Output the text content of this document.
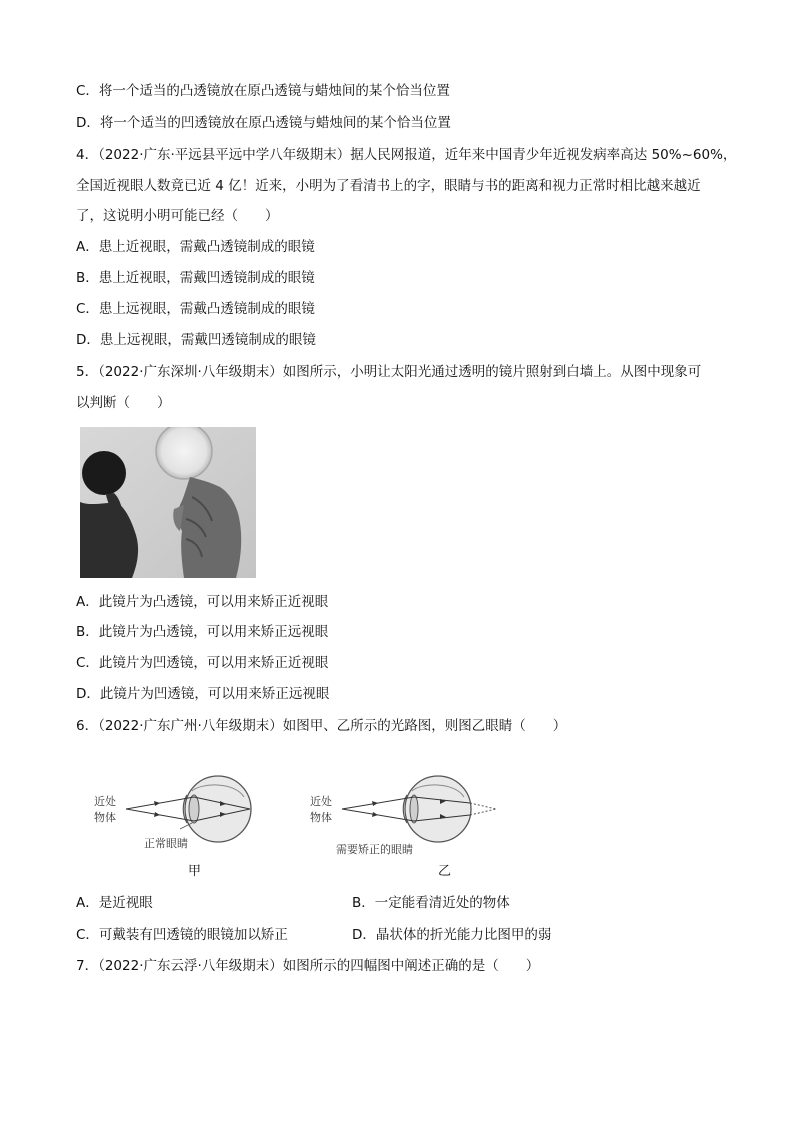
C．将一个适当的凸透镜放在原凸透镜与蜡烛间的某个恰当位置
D．将一个适当的凹透镜放在原凸透镜与蜡烛间的某个恰当位置
4．（2022·广东·平远县平远中学八年级期末）据人民网报道，近年来中国青少年近视发病率高达 50%~60%，
全国近视眼人数竟已近 4 亿！近来，小明为了看清书上的字，眼睛与书的距离和视力正常时相比越来越近
了，这说明小明可能已经（　　）
A．患上近视眼，需戴凸透镜制成的眼镜
B．患上近视眼，需戴凹透镜制成的眼镜
C．患上远视眼，需戴凸透镜制成的眼镜
D．患上远视眼，需戴凹透镜制成的眼镜
5．（2022·广东深圳·八年级期末）如图所示，小明让太阳光通过透明的镜片照射到白墙上。从图中现象可
以判断（　　）
A．此镜片为凸透镜，可以用来矫正近视眼
B．此镜片为凸透镜，可以用来矫正远视眼
C．此镜片为凹透镜，可以用来矫正近视眼
D．此镜片为凹透镜，可以用来矫正远视眼
6．（2022·广东广州·八年级期末）如图甲、乙所示的光路图，则图乙眼睛（　　）
近处
物体
正常眼睛
甲
近处
物体
需要矫正的眼睛
乙
A．是近视眼	B．一定能看清近处的物体
C．可戴装有凹透镜的眼镜加以矫正	D．晶状体的折光能力比图甲的弱
7．（2022·广东云浮·八年级期末）如图所示的四幅图中阐述正确的是（　　）
